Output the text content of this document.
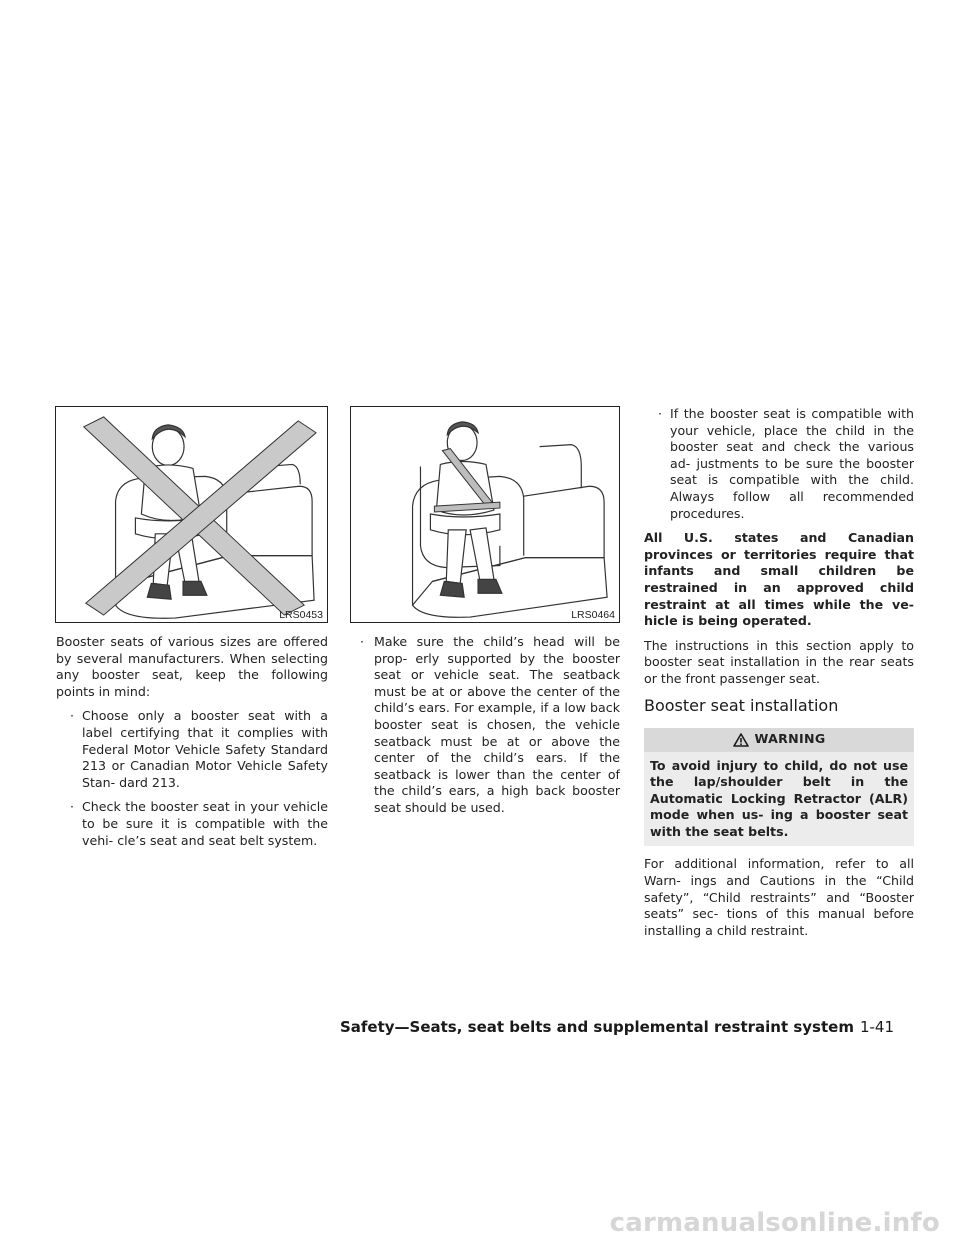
LRS0453	LRS0464

Booster seats of various sizes are offered by several manufacturers. When selecting any booster seat, keep the following points in mind:

· Choose only a booster seat with a label certifying that it complies with Federal Motor Vehicle Safety Standard 213 or Canadian Motor Vehicle Safety Stan- dard 213.
· Check the booster seat in your vehicle to be sure it is compatible with the vehi- cle’s seat and seat belt system.
· Make sure the child’s head will be prop- erly supported by the booster seat or vehicle seat. The seatback must be at or above the center of the child’s ears. For example, if a low back booster seat is chosen, the vehicle seatback must be at or above the center of the child’s ears. If the seatback is lower than the center of the child’s ears, a high back booster seat should be used.
· If the booster seat is compatible with your vehicle, place the child in the booster seat and check the various ad- justments to be sure the booster seat is compatible with the child. Always follow all recommended procedures.

All U.S. states and Canadian provinces or territories require that infants and small children be restrained in an approved child restraint at all times while the ve- hicle is being operated.

The instructions in this section apply to booster seat installation in the rear seats or the front passenger seat.

Booster seat installation
WARNING
To avoid injury to child, do not use the lap/shoulder belt in the Automatic Locking Retractor (ALR) mode when us- ing a booster seat with the seat belts.

For additional information, refer to all Warn- ings and Cautions in the “Child safety”, “Child restraints” and “Booster seats” sec- tions of this manual before installing a child restraint.

Safety—Seats, seat belts and supplemental restraint system 1-41
carmanualsonline.info
